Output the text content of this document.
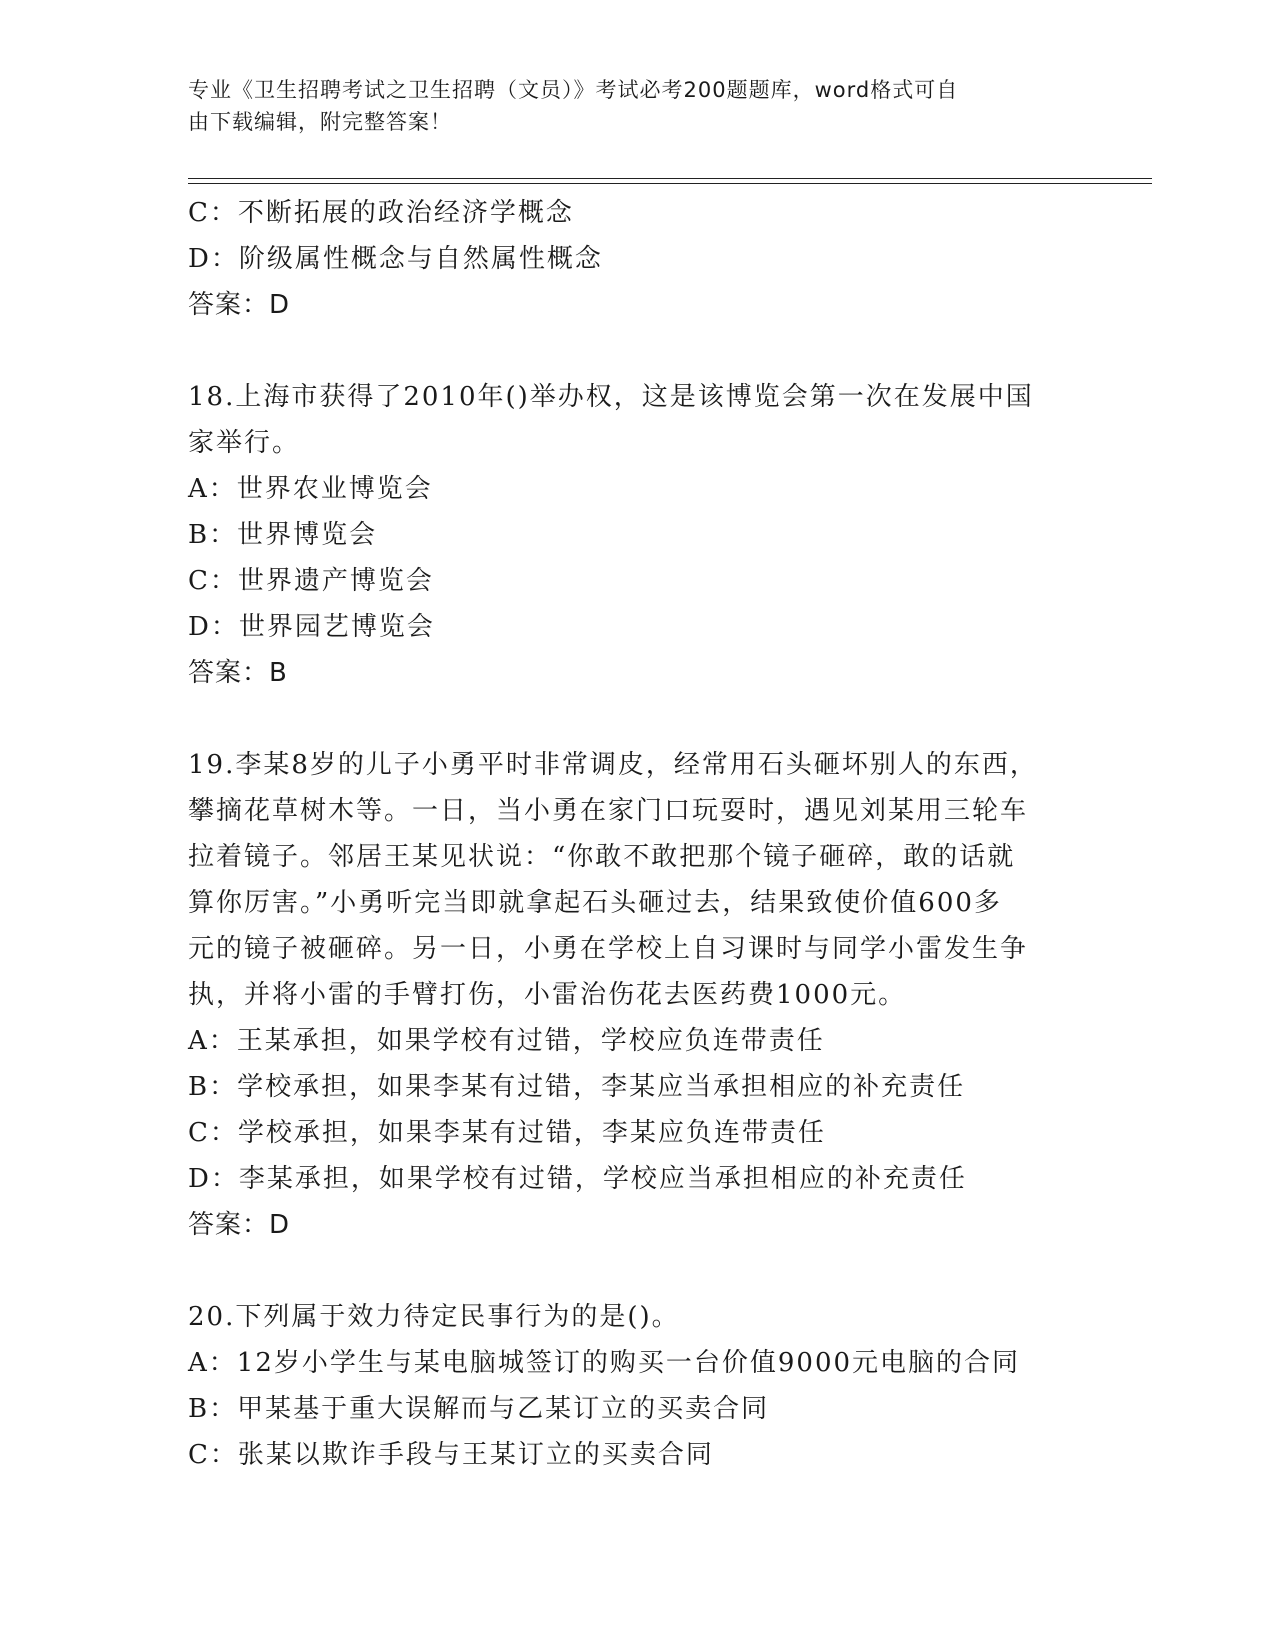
专业《卫生招聘考试之卫生招聘（文员）》考试必考200题题库，word格式可自
由下载编辑，附完整答案！

C：不断拓展的政治经济学概念

D：阶级属性概念与自然属性概念

答案：D

18.上海市获得了2010年()举办权，这是该博览会第一次在发展中国

家举行。

A：世界农业博览会

B：世界博览会

C：世界遗产博览会

D：世界园艺博览会

答案：B

19.李某8岁的儿子小勇平时非常调皮，经常用石头砸坏别人的东西，

攀摘花草树木等。一日，当小勇在家门口玩耍时，遇见刘某用三轮车

拉着镜子。邻居王某见状说：“你敢不敢把那个镜子砸碎，敢的话就

算你厉害。”小勇听完当即就拿起石头砸过去，结果致使价值600多

元的镜子被砸碎。另一日，小勇在学校上自习课时与同学小雷发生争

执，并将小雷的手臂打伤，小雷治伤花去医药费1000元。

A：王某承担，如果学校有过错，学校应负连带责任

B：学校承担，如果李某有过错，李某应当承担相应的补充责任

C：学校承担，如果李某有过错，李某应负连带责任

D：李某承担，如果学校有过错，学校应当承担相应的补充责任

答案：D

20.下列属于效力待定民事行为的是()。

A：12岁小学生与某电脑城签订的购买一台价值9000元电脑的合同

B：甲某基于重大误解而与乙某订立的买卖合同

C：张某以欺诈手段与王某订立的买卖合同
